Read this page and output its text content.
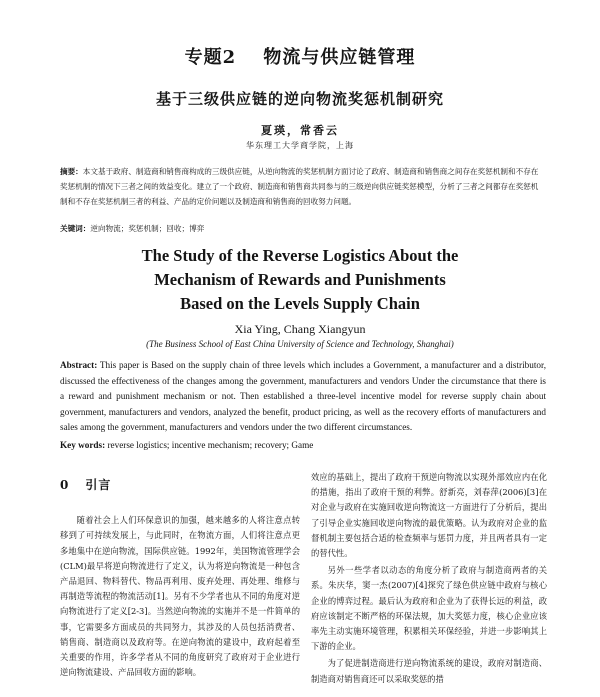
专题2 物流与供应链管理
基于三级供应链的逆向物流奖惩机制研究
夏瑛，常香云
华东理工大学商学院，上海
摘要：本文基于政府、制造商和销售商构成的三级供应链，从逆向物流的奖惩机制方面讨论了政府、制造商和销售商之间存在奖惩机制和不存在奖惩机制的情况下三者之间的效益变化。建立了一个政府、制造商和销售商共同参与的三级逆向供应链奖惩模型，分析了三者之间都存在奖惩机制和不存在奖惩机制三者的利益、产品的定价问题以及制造商和销售商的回收努力问题。
关键词：逆向物流；奖惩机制；回收；博弈
The Study of the Reverse Logistics About the
Mechanism of Rewards and Punishments
Based on the Levels Supply Chain
Xia Ying, Chang Xiangyun
(The Business School of East China University of Science and Technology, Shanghai)
Abstract: This paper is Based on the supply chain of three levels which includes a Government, a manufacturer and a distributor, discussed the effectiveness of the changes among the government, manufacturers and vendors Under the circumstance that there is a reward and punishment mechanism or not. Then established a three-level incentive model for reverse supply chain about government, manufacturers and vendors, analyzed the benefit, product pricing, as well as the recovery efforts of manufacturers and sales among the government, manufacturers and vendors under the two different circumstances.
Key words: reverse logistics; incentive mechanism; recovery; Game
0 引言

随着社会上人们环保意识的加强，越来越多的人将注意点转移到了可持续发展上，与此同时，在物流方面，人们将注意点更多地集中在逆向物流，国际供应链。1992年，美国物流管理学会(CLM)最早将逆向物流进行了定义，认为将逆向物流是一种包含产品退回、物料替代、物品再利用、废弃处理、再处理、维修与再制造等流程的物流活动[1]。另有不少学者也从不同的角度对逆向物流进行了定义[2-3]。当然逆向物流的实施并不是一件简单的事，它需要多方面成员的共同努力，其涉及的人员包括消费者、销售商、制造商以及政府等。在逆向物流的建设中，政府起着至关重要的作用，许多学者从不同的角度研究了政府对于企业进行逆向物流建设、产品回收方面的影响。

效应的基础上，提出了政府干预逆向物流以实现外部效应内在化的措施，指出了政府干预的利弊。舒新亮，刘春萍(2006)[3]在对企业与政府在实施回收逆向物流这一方面进行了分析后，提出了引导企业实施回收逆向物流的最优策略。认为政府对企业的监督机制主要包括合适的检查频率与惩罚力度，并且两者具有一定的替代性。

另外一些学者以动态的角度分析了政府与制造商两者的关系。朱庆华，窦一杰(2007)[4]探究了绿色供应链中政府与核心企业的博弈过程。最后认为政府和企业为了获得长远的利益，政府应该制定不断严格的环保法规，加大奖惩力度，核心企业应该率先主动实施环境管理，积累相关环保经验，并进一步影响其上下游的企业。

为了促进制造商进行逆向物流系统的建设，政府对制造商、制造商对销售商还可以采取奖惩的措
